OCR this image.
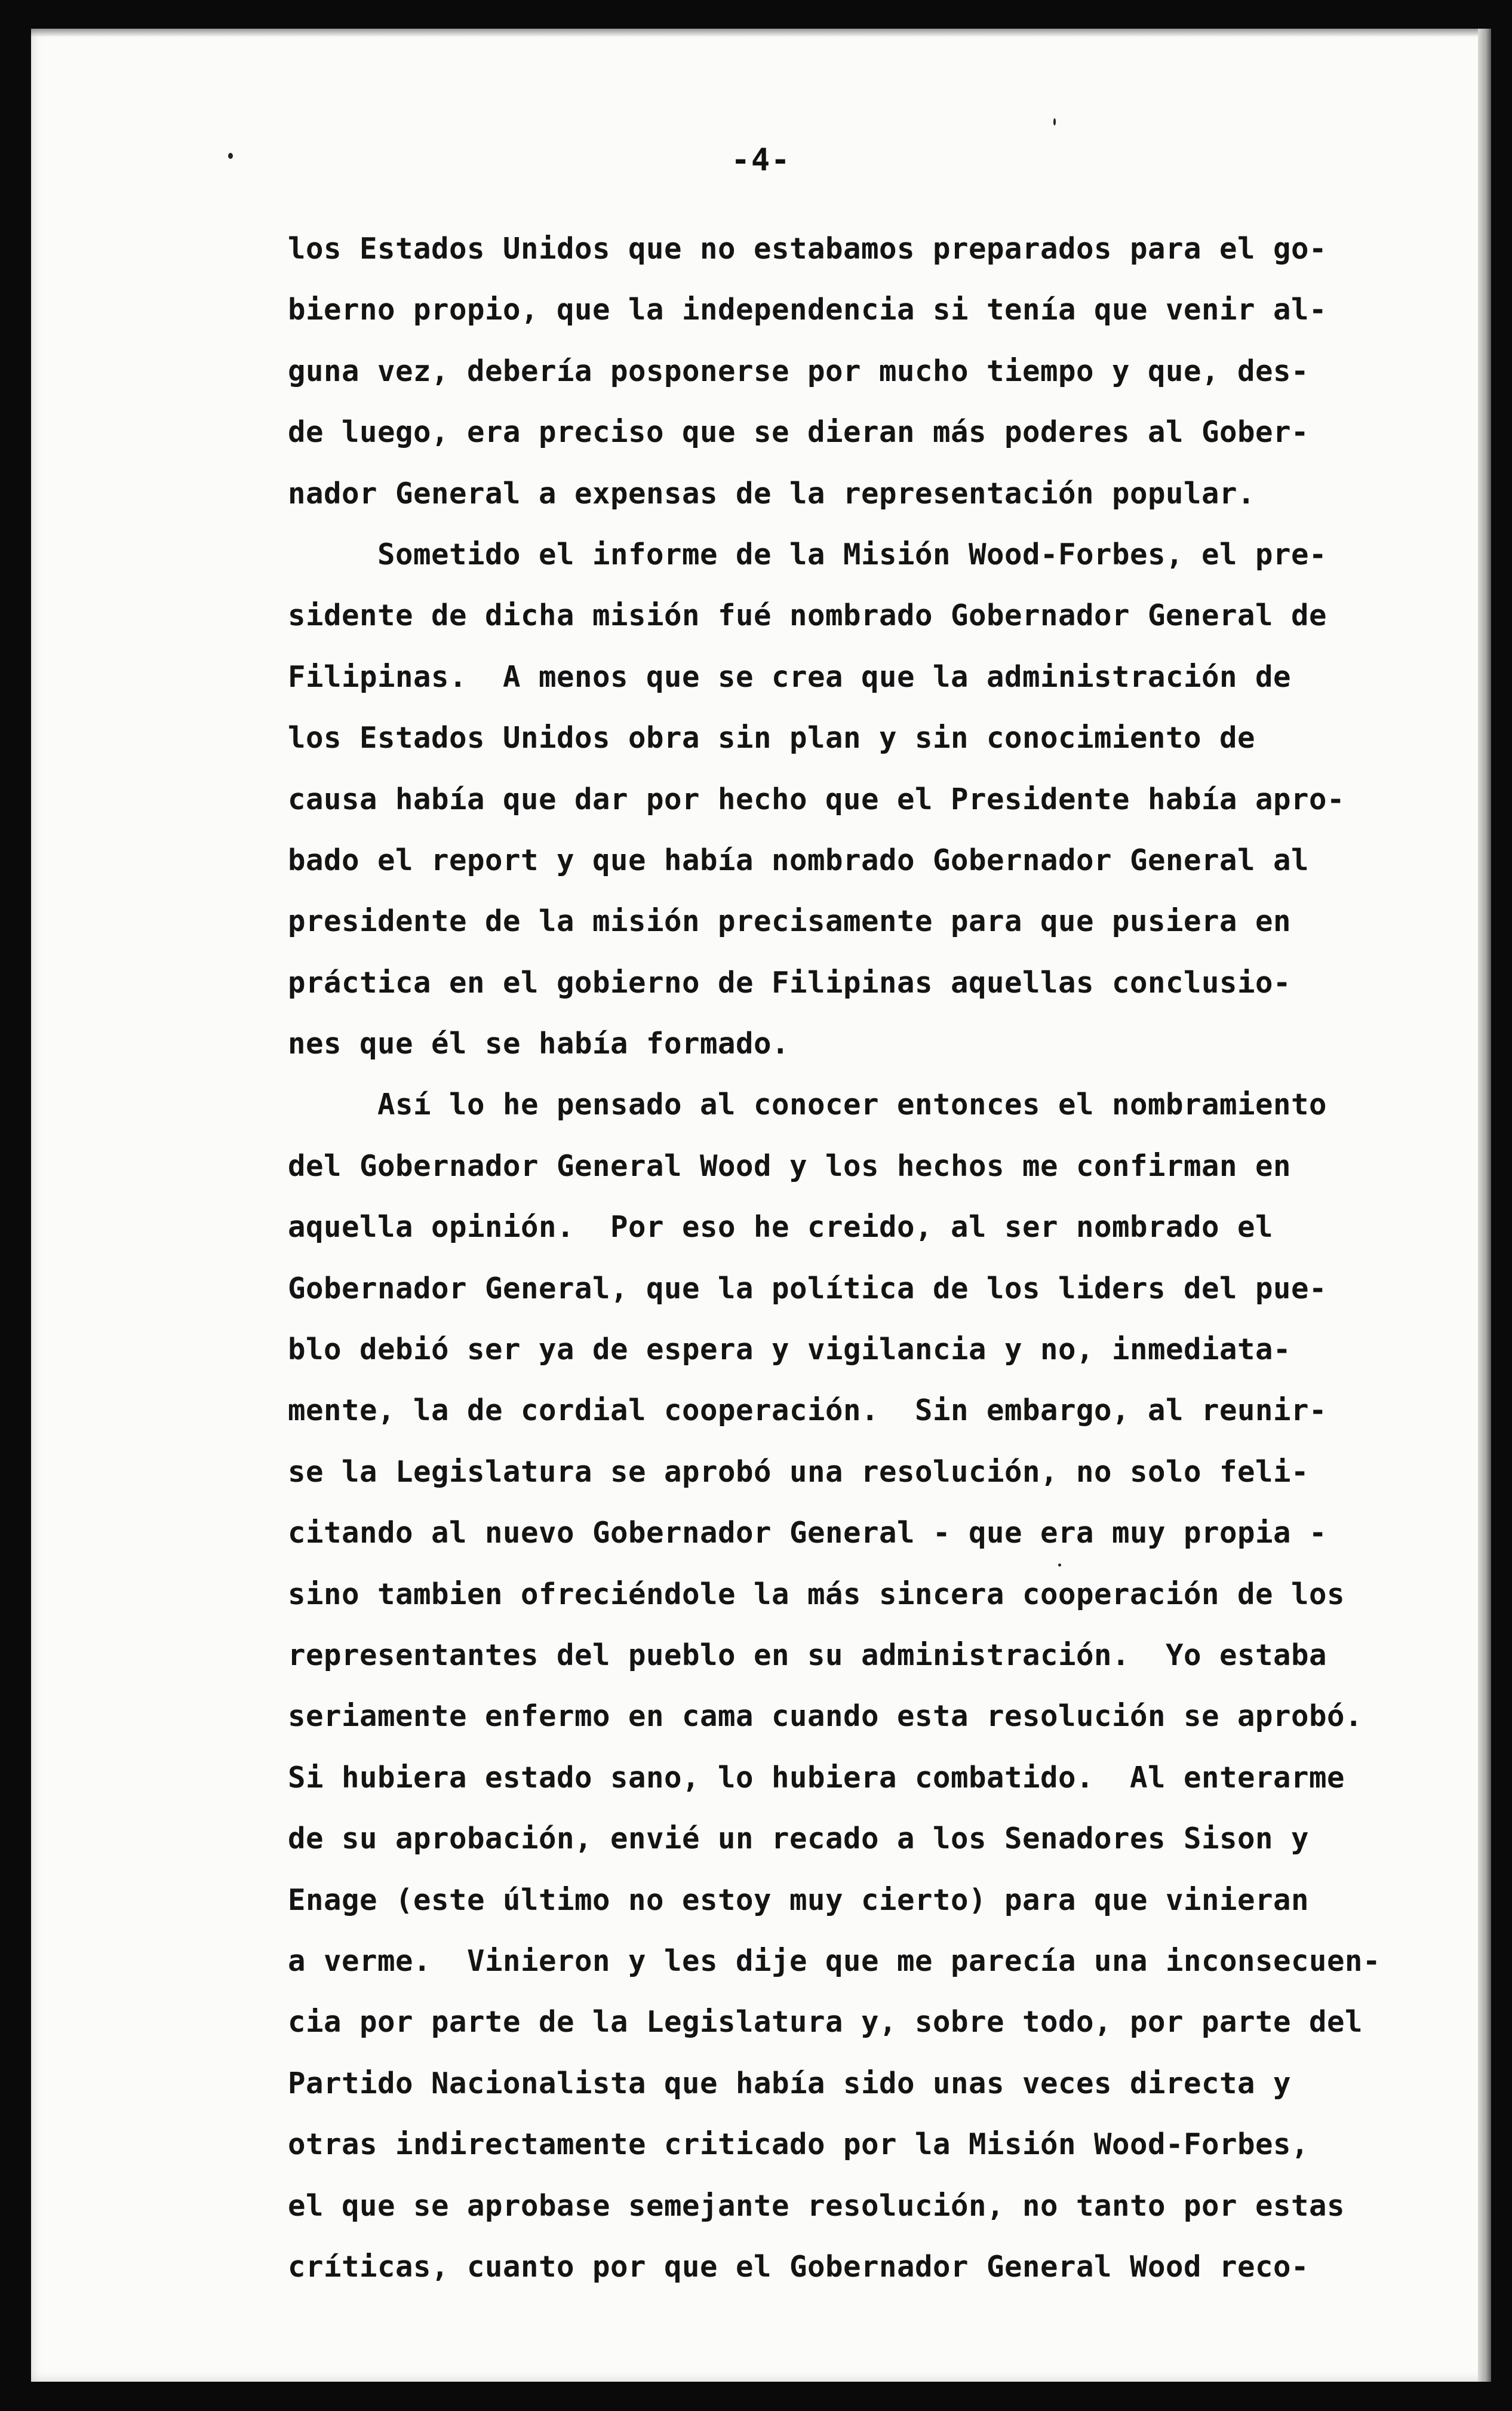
-4-
los Estados Unidos que no estabamos preparados para el go-
bierno propio, que la independencia si tenía que venir al-
guna vez, debería posponerse por mucho tiempo y que, des-
de luego, era preciso que se dieran más poderes al Gober-
nador General a expensas de la representación popular.
Sometido el informe de la Misión Wood-Forbes, el pre-
sidente de dicha misión fué nombrado Gobernador General de
Filipinas.  A menos que se crea que la administración de
los Estados Unidos obra sin plan y sin conocimiento de
causa había que dar por hecho que el Presidente había apro-
bado el report y que había nombrado Gobernador General al
presidente de la misión precisamente para que pusiera en
práctica en el gobierno de Filipinas aquellas conclusio-
nes que él se había formado.
Así lo he pensado al conocer entonces el nombramiento
del Gobernador General Wood y los hechos me confirman en
aquella opinión.  Por eso he creido, al ser nombrado el
Gobernador General, que la política de los liders del pue-
blo debió ser ya de espera y vigilancia y no, inmediata-
mente, la de cordial cooperación.  Sin embargo, al reunir-
se la Legislatura se aprobó una resolución, no solo feli-
citando al nuevo Gobernador General - que era muy propia -
sino tambien ofreciéndole la más sincera cooperación de los
representantes del pueblo en su administración.  Yo estaba
seriamente enfermo en cama cuando esta resolución se aprobó.
Si hubiera estado sano, lo hubiera combatido.  Al enterarme
de su aprobación, envié un recado a los Senadores Sison y
Enage (este último no estoy muy cierto) para que vinieran
a verme.  Vinieron y les dije que me parecía una inconsecuen-
cia por parte de la Legislatura y, sobre todo, por parte del
Partido Nacionalista que había sido unas veces directa y
otras indirectamente criticado por la Misión Wood-Forbes,
el que se aprobase semejante resolución, no tanto por estas
críticas, cuanto por que el Gobernador General Wood reco-
